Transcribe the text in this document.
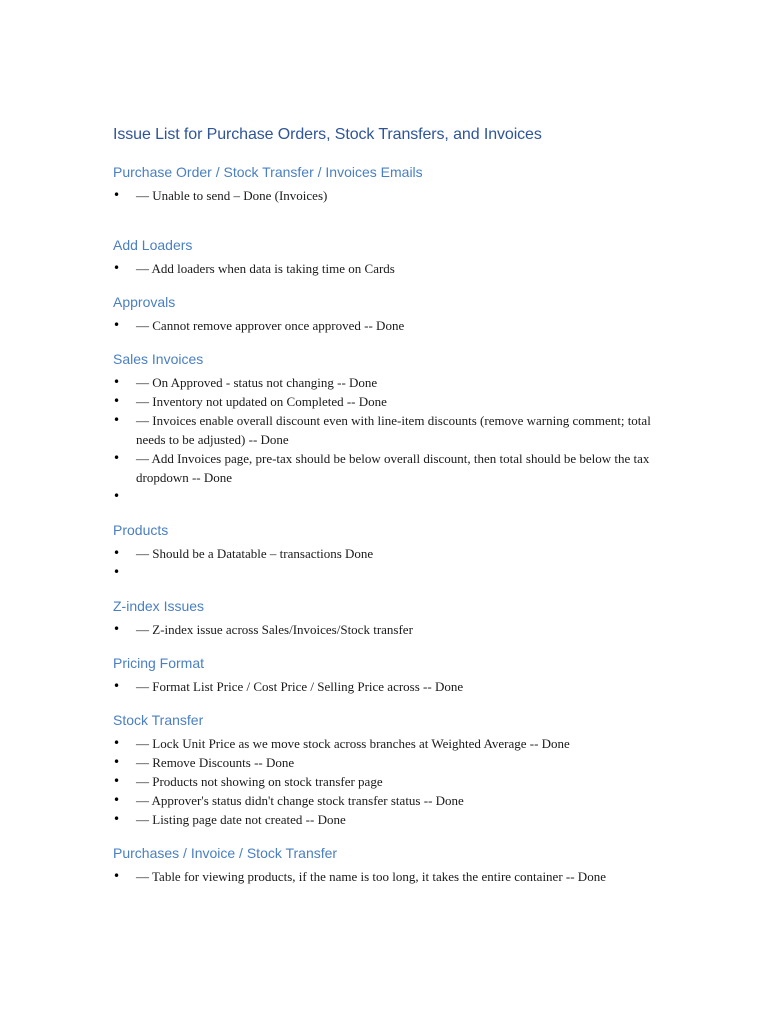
Issue List for Purchase Orders, Stock Transfers, and Invoices
Purchase Order / Stock Transfer / Invoices Emails
• — Unable to send – Done (Invoices)
Add Loaders
• — Add loaders when data is taking time on Cards
Approvals
• — Cannot remove approver once approved -- Done
Sales Invoices
• — On Approved - status not changing -- Done
• — Inventory not updated on Completed -- Done
• — Invoices enable overall discount even with line-item discounts (remove warning comment; total needs to be adjusted) -- Done
• — Add Invoices page, pre-tax should be below overall discount, then total should be below the tax dropdown -- Done
•
Products
• — Should be a Datatable – transactions Done
•
Z-index Issues
• — Z-index issue across Sales/Invoices/Stock transfer
Pricing Format
• — Format List Price / Cost Price / Selling Price across -- Done
Stock Transfer
• — Lock Unit Price as we move stock across branches at Weighted Average -- Done
• — Remove Discounts -- Done
• — Products not showing on stock transfer page
• — Approver's status didn't change stock transfer status -- Done
• — Listing page date not created -- Done
Purchases / Invoice / Stock Transfer
• — Table for viewing products, if the name is too long, it takes the entire container -- Done
